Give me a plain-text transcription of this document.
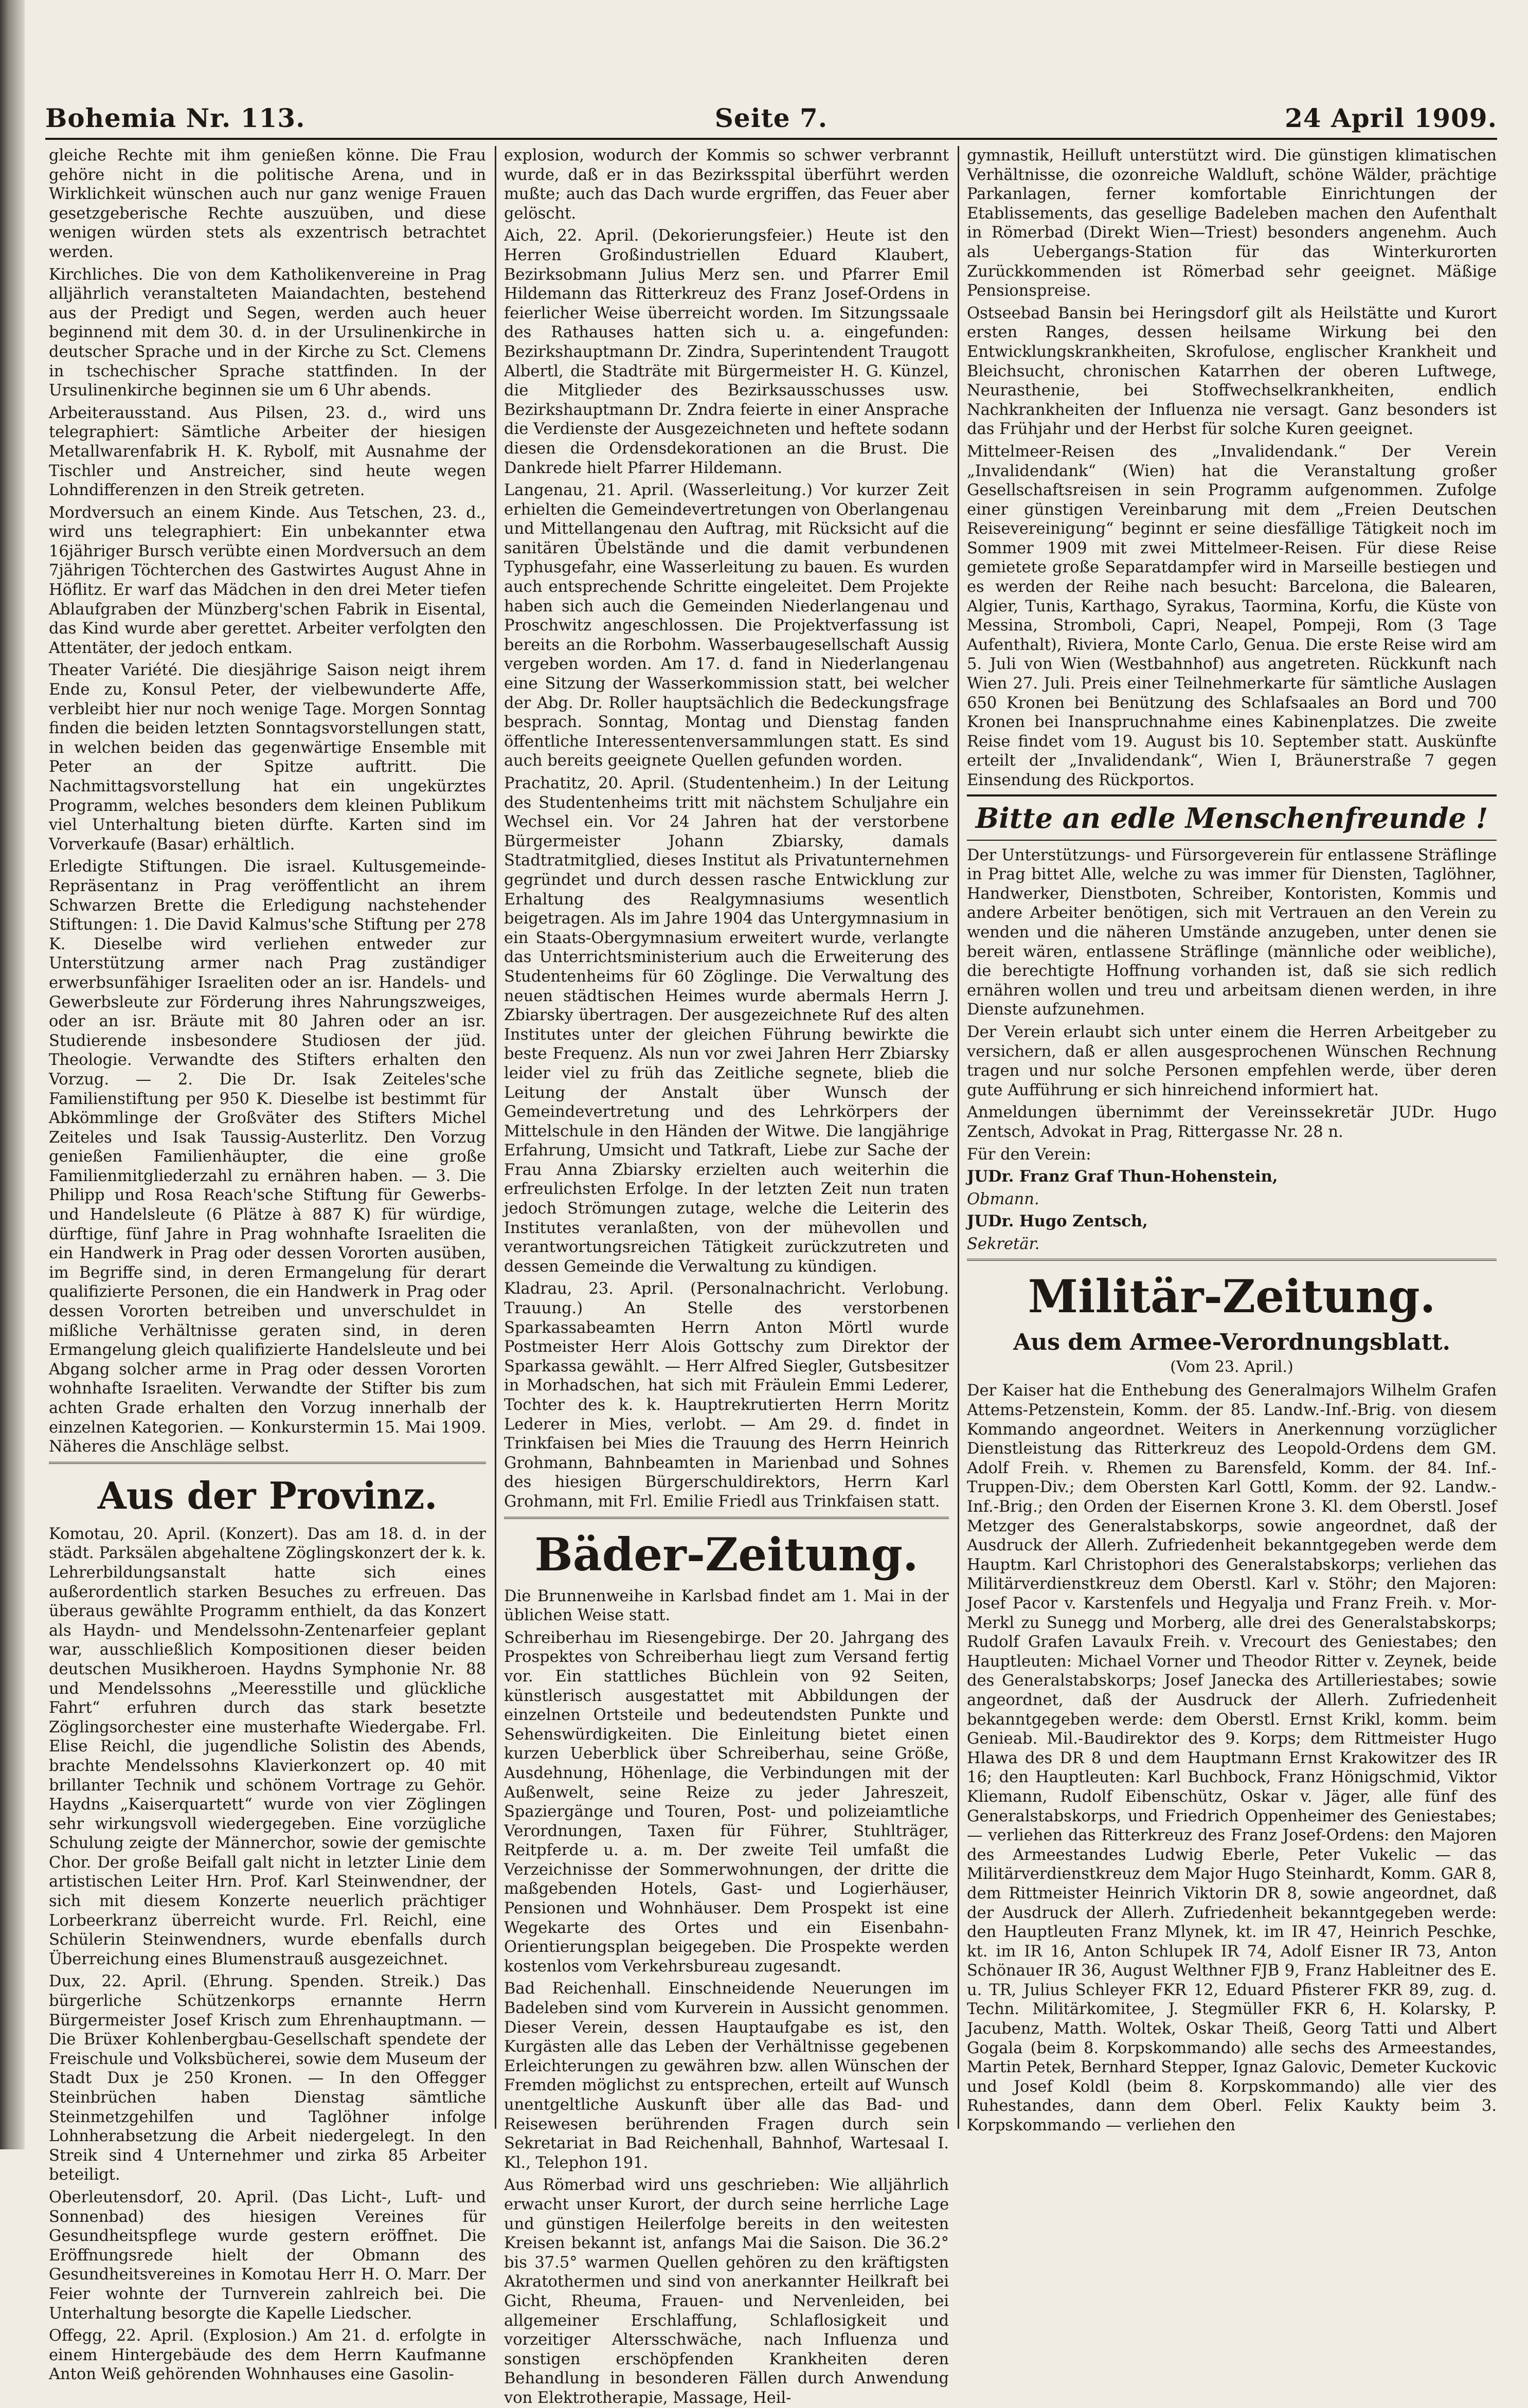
Bohemia Nr. 113.	Seite 7.	24 April 1909.

gleiche Rechte mit ihm genießen könne. Die Frau gehöre nicht in die politische Arena, und in Wirklichkeit wünschen auch nur ganz wenige Frauen gesetzgeberische Rechte auszuüben, und diese wenigen würden stets als exzentrisch betrachtet werden.

Kirchliches. Die von dem Katholikenvereine in Prag alljährlich veranstalteten Maiandachten, bestehend aus der Predigt und Segen, werden auch heuer beginnend mit dem 30. d. in der Ursulinenkirche in deutscher Sprache und in der Kirche zu Sct. Clemens in tschechischer Sprache stattfinden. In der Ursulinenkirche beginnen sie um 6 Uhr abends.

Arbeiterausstand. Aus Pilsen, 23. d., wird uns telegraphiert: Sämtliche Arbeiter der hiesigen Metallwarenfabrik H. K. Rybolf, mit Ausnahme der Tischler und Anstreicher, sind heute wegen Lohndifferenzen in den Streik getreten.

Mordversuch an einem Kinde. Aus Tetschen, 23. d., wird uns telegraphiert: Ein unbekannter etwa 16jähriger Bursch verübte einen Mordversuch an dem 7jährigen Töchterchen des Gastwirtes August Ahne in Höflitz. Er warf das Mädchen in den drei Meter tiefen Ablaufgraben der Münzberg'schen Fabrik in Eisental, das Kind wurde aber gerettet. Arbeiter verfolgten den Attentäter, der jedoch entkam.

Theater Variété. Die diesjährige Saison neigt ihrem Ende zu, Konsul Peter, der vielbewunderte Affe, verbleibt hier nur noch wenige Tage. Morgen Sonntag finden die beiden letzten Sonntagsvorstellungen statt, in welchen beiden das gegenwärtige Ensemble mit Peter an der Spitze auftritt. Die Nachmittagsvorstellung hat ein ungekürztes Programm, welches besonders dem kleinen Publikum viel Unterhaltung bieten dürfte. Karten sind im Vorverkaufe (Basar) erhältlich.

Erledigte Stiftungen. Die israel. Kultusgemeinde-Repräsentanz in Prag veröffentlicht an ihrem Schwarzen Brette die Erledigung nachstehender Stiftungen: 1. Die David Kalmus'sche Stiftung per 278 K. Dieselbe wird verliehen entweder zur Unterstützung armer nach Prag zuständiger erwerbsunfähiger Israeliten oder an isr. Handels- und Gewerbsleute zur Förderung ihres Nahrungszweiges, oder an isr. Bräute mit 80 Jahren oder an isr. Studierende insbesondere Studiosen der jüd. Theologie. Verwandte des Stifters erhalten den Vorzug. — 2. Die Dr. Isak Zeiteles'sche Familienstiftung per 950 K. Dieselbe ist bestimmt für Abkömmlinge der Großväter des Stifters Michel Zeiteles und Isak Taussig-Austerlitz. Den Vorzug genießen Familienhäupter, die eine große Familienmitgliederzahl zu ernähren haben. — 3. Die Philipp und Rosa Reach'sche Stiftung für Gewerbs- und Handelsleute (6 Plätze à 887 K) für würdige, dürftige, fünf Jahre in Prag wohnhafte Israeliten die ein Handwerk in Prag oder dessen Vororten ausüben, im Begriffe sind, in deren Ermangelung für derart qualifizierte Personen, die ein Handwerk in Prag oder dessen Vororten betreiben und unverschuldet in mißliche Verhältnisse geraten sind, in deren Ermangelung gleich qualifizierte Handelsleute und bei Abgang solcher arme in Prag oder dessen Vororten wohnhafte Israeliten. Verwandte der Stifter bis zum achten Grade erhalten den Vorzug innerhalb der einzelnen Kategorien. — Konkurstermin 15. Mai 1909. Näheres die Anschläge selbst.

Aus der Provinz.

Komotau, 20. April. (Konzert). Das am 18. d. in der städt. Parksälen abgehaltene Zöglingskonzert der k. k. Lehrerbildungsanstalt hatte sich eines außerordentlich starken Besuches zu erfreuen. Das überaus gewählte Programm enthielt, da das Konzert als Haydn- und Mendelssohn-Zentenarfeier geplant war, ausschließlich Kompositionen dieser beiden deutschen Musikheroen. Haydns Symphonie Nr. 88 und Mendelssohns „Meeresstille und glückliche Fahrt“ erfuhren durch das stark besetzte Zöglingsorchester eine musterhafte Wiedergabe. Frl. Elise Reichl, die jugendliche Solistin des Abends, brachte Mendelssohns Klavierkonzert op. 40 mit brillanter Technik und schönem Vortrage zu Gehör. Haydns „Kaiserquartett“ wurde von vier Zöglingen sehr wirkungsvoll wiedergegeben. Eine vorzügliche Schulung zeigte der Männerchor, sowie der gemischte Chor. Der große Beifall galt nicht in letzter Linie dem artistischen Leiter Hrn. Prof. Karl Steinwendner, der sich mit diesem Konzerte neuerlich prächtiger Lorbeerkranz überreicht wurde. Frl. Reichl, eine Schülerin Steinwendners, wurde ebenfalls durch Überreichung eines Blumenstrauß ausgezeichnet.

Dux, 22. April. (Ehrung. Spenden. Streik.) Das bürgerliche Schützenkorps ernannte Herrn Bürgermeister Josef Krisch zum Ehrenhauptmann. — Die Brüxer Kohlenbergbau-Gesellschaft spendete der Freischule und Volksbücherei, sowie dem Museum der Stadt Dux je 250 Kronen. — In den Offegger Steinbrüchen haben Dienstag sämtliche Steinmetzgehilfen und Taglöhner infolge Lohnherabsetzung die Arbeit niedergelegt. In den Streik sind 4 Unternehmer und zirka 85 Arbeiter beteiligt.

Oberleutensdorf, 20. April. (Das Licht-, Luft- und Sonnenbad) des hiesigen Vereines für Gesundheitspflege wurde gestern eröffnet. Die Eröffnungsrede hielt der Obmann des Gesundheitsvereines in Komotau Herr H. O. Marr. Der Feier wohnte der Turnverein zahlreich bei. Die Unterhaltung besorgte die Kapelle Liedscher.

Offegg, 22. April. (Explosion.) Am 21. d. erfolgte in einem Hintergebäude des dem Herrn Kaufmanne Anton Weiß gehörenden Wohnhauses eine Gasolin-

explosion, wodurch der Kommis so schwer verbrannt wurde, daß er in das Bezirksspital überführt werden mußte; auch das Dach wurde ergriffen, das Feuer aber gelöscht.

Aich, 22. April. (Dekorierungsfeier.) Heute ist den Herren Großindustriellen Eduard Klaubert, Bezirksobmann Julius Merz sen. und Pfarrer Emil Hildemann das Ritterkreuz des Franz Josef-Ordens in feierlicher Weise überreicht worden. Im Sitzungssaale des Rathauses hatten sich u. a. eingefunden: Bezirkshauptmann Dr. Zindra, Superintendent Traugott Albertl, die Stadträte mit Bürgermeister H. G. Künzel, die Mitglieder des Bezirksausschusses usw. Bezirkshauptmann Dr. Zndra feierte in einer Ansprache die Verdienste der Ausgezeichneten und heftete sodann diesen die Ordensdekorationen an die Brust. Die Dankrede hielt Pfarrer Hildemann.

Langenau, 21. April. (Wasserleitung.) Vor kurzer Zeit erhielten die Gemeindevertretungen von Oberlangenau und Mittellangenau den Auftrag, mit Rücksicht auf die sanitären Übelstände und die damit verbundenen Typhusgefahr, eine Wasserleitung zu bauen. Es wurden auch entsprechende Schritte eingeleitet. Dem Projekte haben sich auch die Gemeinden Niederlangenau und Proschwitz angeschlossen. Die Projektverfassung ist bereits an die Rorbohm. Wasserbaugesellschaft Aussig vergeben worden. Am 17. d. fand in Niederlangenau eine Sitzung der Wasserkommission statt, bei welcher der Abg. Dr. Roller hauptsächlich die Bedeckungsfrage besprach. Sonntag, Montag und Dienstag fanden öffentliche Interessentenversammlungen statt. Es sind auch bereits geeignete Quellen gefunden worden.

Prachatitz, 20. April. (Studentenheim.) In der Leitung des Studentenheims tritt mit nächstem Schuljahre ein Wechsel ein. Vor 24 Jahren hat der verstorbene Bürgermeister Johann Zbiarsky, damals Stadtratmitglied, dieses Institut als Privatunternehmen gegründet und durch dessen rasche Entwicklung zur Erhaltung des Realgymnasiums wesentlich beigetragen. Als im Jahre 1904 das Untergymnasium in ein Staats-Obergymnasium erweitert wurde, verlangte das Unterrichtsministerium auch die Erweiterung des Studentenheims für 60 Zöglinge. Die Verwaltung des neuen städtischen Heimes wurde abermals Herrn J. Zbiarsky übertragen. Der ausgezeichnete Ruf des alten Institutes unter der gleichen Führung bewirkte die beste Frequenz. Als nun vor zwei Jahren Herr Zbiarsky leider viel zu früh das Zeitliche segnete, blieb die Leitung der Anstalt über Wunsch der Gemeindevertretung und des Lehrkörpers der Mittelschule in den Händen der Witwe. Die langjährige Erfahrung, Umsicht und Tatkraft, Liebe zur Sache der Frau Anna Zbiarsky erzielten auch weiterhin die erfreulichsten Erfolge. In der letzten Zeit nun traten jedoch Strömungen zutage, welche die Leiterin des Institutes veranlaßten, von der mühevollen und verantwortungsreichen Tätigkeit zurückzutreten und dessen Gemeinde die Verwaltung zu kündigen.

Kladrau, 23. April. (Personalnachricht. Verlobung. Trauung.) An Stelle des verstorbenen Sparkassabeamten Herrn Anton Mörtl wurde Postmeister Herr Alois Gottschy zum Direktor der Sparkassa gewählt. — Herr Alfred Siegler, Gutsbesitzer in Morhadschen, hat sich mit Fräulein Emmi Lederer, Tochter des k. k. Hauptrekrutierten Herrn Moritz Lederer in Mies, verlobt. — Am 29. d. findet in Trinkfaisen bei Mies die Trauung des Herrn Heinrich Grohmann, Bahnbeamten in Marienbad und Sohnes des hiesigen Bürgerschuldirektors, Herrn Karl Grohmann, mit Frl. Emilie Friedl aus Trinkfaisen statt.

Bäder-Zeitung.

Die Brunnenweihe in Karlsbad findet am 1. Mai in der üblichen Weise statt.

Schreiberhau im Riesengebirge. Der 20. Jahrgang des Prospektes von Schreiberhau liegt zum Versand fertig vor. Ein stattliches Büchlein von 92 Seiten, künstlerisch ausgestattet mit Abbildungen der einzelnen Ortsteile und bedeutendsten Punkte und Sehenswürdigkeiten. Die Einleitung bietet einen kurzen Ueberblick über Schreiberhau, seine Größe, Ausdehnung, Höhenlage, die Verbindungen mit der Außenwelt, seine Reize zu jeder Jahreszeit, Spaziergänge und Touren, Post- und polizeiamtliche Verordnungen, Taxen für Führer, Stuhlträger, Reitpferde u. a. m. Der zweite Teil umfaßt die Verzeichnisse der Sommerwohnungen, der dritte die maßgebenden Hotels, Gast- und Logierhäuser, Pensionen und Wohnhäuser. Dem Prospekt ist eine Wegekarte des Ortes und ein Eisenbahn-Orientierungsplan beigegeben. Die Prospekte werden kostenlos vom Verkehrsbureau zugesandt.

Bad Reichenhall. Einschneidende Neuerungen im Badeleben sind vom Kurverein in Aussicht genommen. Dieser Verein, dessen Hauptaufgabe es ist, den Kurgästen alle das Leben der Verhältnisse gegebenen Erleichterungen zu gewähren bzw. allen Wünschen der Fremden möglichst zu entsprechen, erteilt auf Wunsch unentgeltliche Auskunft über alle das Bad- und Reisewesen berührenden Fragen durch sein Sekretariat in Bad Reichenhall, Bahnhof, Wartesaal I. Kl., Telephon 191.

Aus Römerbad wird uns geschrieben: Wie alljährlich erwacht unser Kurort, der durch seine herrliche Lage und günstigen Heilerfolge bereits in den weitesten Kreisen bekannt ist, anfangs Mai die Saison. Die 36.2° bis 37.5° warmen Quellen gehören zu den kräftigsten Akratothermen und sind von anerkannter Heilkraft bei Gicht, Rheuma, Frauen- und Nervenleiden, bei allgemeiner Erschlaffung, Schlaflosigkeit und vorzeitiger Altersschwäche, nach Influenza und sonstigen erschöpfenden Krankheiten deren Behandlung in besonderen Fällen durch Anwendung von Elektrotherapie, Massage, Heil-

gymnastik, Heilluft unterstützt wird. Die günstigen klimatischen Verhältnisse, die ozonreiche Waldluft, schöne Wälder, prächtige Parkanlagen, ferner komfortable Einrichtungen der Etablissements, das gesellige Badeleben machen den Aufenthalt in Römerbad (Direkt Wien—Triest) besonders angenehm. Auch als Uebergangs-Station für das Winterkurorten Zurückkommenden ist Römerbad sehr geeignet. Mäßige Pensionspreise.

Ostseebad Bansin bei Heringsdorf gilt als Heilstätte und Kurort ersten Ranges, dessen heilsame Wirkung bei den Entwicklungskrankheiten, Skrofulose, englischer Krankheit und Bleichsucht, chronischen Katarrhen der oberen Luftwege, Neurasthenie, bei Stoffwechselkrankheiten, endlich Nachkrankheiten der Influenza nie versagt. Ganz besonders ist das Frühjahr und der Herbst für solche Kuren geeignet.

Mittelmeer-Reisen des „Invalidendank.“ Der Verein „Invalidendank“ (Wien) hat die Veranstaltung großer Gesellschaftsreisen in sein Programm aufgenommen. Zufolge einer günstigen Vereinbarung mit dem „Freien Deutschen Reisevereinigung“ beginnt er seine diesfällige Tätigkeit noch im Sommer 1909 mit zwei Mittelmeer-Reisen. Für diese Reise gemietete große Separatdampfer wird in Marseille bestiegen und es werden der Reihe nach besucht: Barcelona, die Balearen, Algier, Tunis, Karthago, Syrakus, Taormina, Korfu, die Küste von Messina, Stromboli, Capri, Neapel, Pompeji, Rom (3 Tage Aufenthalt), Riviera, Monte Carlo, Genua. Die erste Reise wird am 5. Juli von Wien (Westbahnhof) aus angetreten. Rückkunft nach Wien 27. Juli. Preis einer Teilnehmerkarte für sämtliche Auslagen 650 Kronen bei Benützung des Schlafsaales an Bord und 700 Kronen bei Inanspruchnahme eines Kabinenplatzes. Die zweite Reise findet vom 19. August bis 10. September statt. Auskünfte erteilt der „Invalidendank“, Wien I, Bräunerstraße 7 gegen Einsendung des Rückportos.

Bitte an edle Menschenfreunde !

Der Unterstützungs- und Fürsorgeverein für entlassene Sträflinge in Prag bittet Alle, welche zu was immer für Diensten, Taglöhner, Handwerker, Dienstboten, Schreiber, Kontoristen, Kommis und andere Arbeiter benötigen, sich mit Vertrauen an den Verein zu wenden und die näheren Umstände anzugeben, unter denen sie bereit wären, entlassene Sträflinge (männliche oder weibliche), die berechtigte Hoffnung vorhanden ist, daß sie sich redlich ernähren wollen und treu und arbeitsam dienen werden, in ihre Dienste aufzunehmen.

Der Verein erlaubt sich unter einem die Herren Arbeitgeber zu versichern, daß er allen ausgesprochenen Wünschen Rechnung tragen und nur solche Personen empfehlen werde, über deren gute Aufführung er sich hinreichend informiert hat.

Anmeldungen übernimmt der Vereinssekretär JUDr. Hugo Zentsch, Advokat in Prag, Rittergasse Nr. 28 n.

Für den Verein:

JUDr. Franz Graf Thun-Hohenstein,

Obmann.

JUDr. Hugo Zentsch,

Sekretär.

Militär-Zeitung.
Aus dem Armee-Verordnungsblatt.
(Vom 23. April.)

Der Kaiser hat die Enthebung des Generalmajors Wilhelm Grafen Attems-Petzenstein, Komm. der 85. Landw.-Inf.-Brig. von diesem Kommando angeordnet. Weiters in Anerkennung vorzüglicher Dienstleistung das Ritterkreuz des Leopold-Ordens dem GM. Adolf Freih. v. Rhemen zu Barensfeld, Komm. der 84. Inf.-Truppen-Div.; dem Obersten Karl Gottl, Komm. der 92. Landw.-Inf.-Brig.; den Orden der Eisernen Krone 3. Kl. dem Oberstl. Josef Metzger des Generalstabskorps, sowie angeordnet, daß der Ausdruck der Allerh. Zufriedenheit bekanntgegeben werde dem Hauptm. Karl Christophori des Generalstabskorps; verliehen das Militärverdienstkreuz dem Oberstl. Karl v. Stöhr; den Majoren: Josef Pacor v. Karstenfels und Hegyalja und Franz Freih. v. Mor-Merkl zu Sunegg und Morberg, alle drei des Generalstabskorps; Rudolf Grafen Lavaulx Freih. v. Vrecourt des Geniestabes; den Hauptleuten: Michael Vorner und Theodor Ritter v. Zeynek, beide des Generalstabskorps; Josef Janecka des Artilleriestabes; sowie angeordnet, daß der Ausdruck der Allerh. Zufriedenheit bekanntgegeben werde: dem Oberstl. Ernst Krikl, komm. beim Genieab. Mil.-Baudirektor des 9. Korps; dem Rittmeister Hugo Hlawa des DR 8 und dem Hauptmann Ernst Krakowitzer des IR 16; den Hauptleuten: Karl Buchbock, Franz Hönigschmid, Viktor Kliemann, Rudolf Eibenschütz, Oskar v. Jäger, alle fünf des Generalstabskorps, und Friedrich Oppenheimer des Geniestabes; — verliehen das Ritterkreuz des Franz Josef-Ordens: den Majoren des Armeestandes Ludwig Eberle, Peter Vukelic — das Militärverdienstkreuz dem Major Hugo Steinhardt, Komm. GAR 8, dem Rittmeister Heinrich Viktorin DR 8, sowie angeordnet, daß der Ausdruck der Allerh. Zufriedenheit bekanntgegeben werde: den Hauptleuten Franz Mlynek, kt. im IR 47, Heinrich Peschke, kt. im IR 16, Anton Schlupek IR 74, Adolf Eisner IR 73, Anton Schönauer IR 36, August Welthner FJB 9, Franz Hableitner des E. u. TR, Julius Schleyer FKR 12, Eduard Pfisterer FKR 89, zug. d. Techn. Militärkomitee, J. Stegmüller FKR 6, H. Kolarsky, P. Jacubenz, Matth. Woltek, Oskar Theiß, Georg Tatti und Albert Gogala (beim 8. Korpskommando) alle sechs des Armeestandes, Martin Petek, Bernhard Stepper, Ignaz Galovic, Demeter Kuckovic und Josef Koldl (beim 8. Korpskommando) alle vier des Ruhestandes, dann dem Oberl. Felix Kaukty beim 3. Korpskommando — verliehen den
